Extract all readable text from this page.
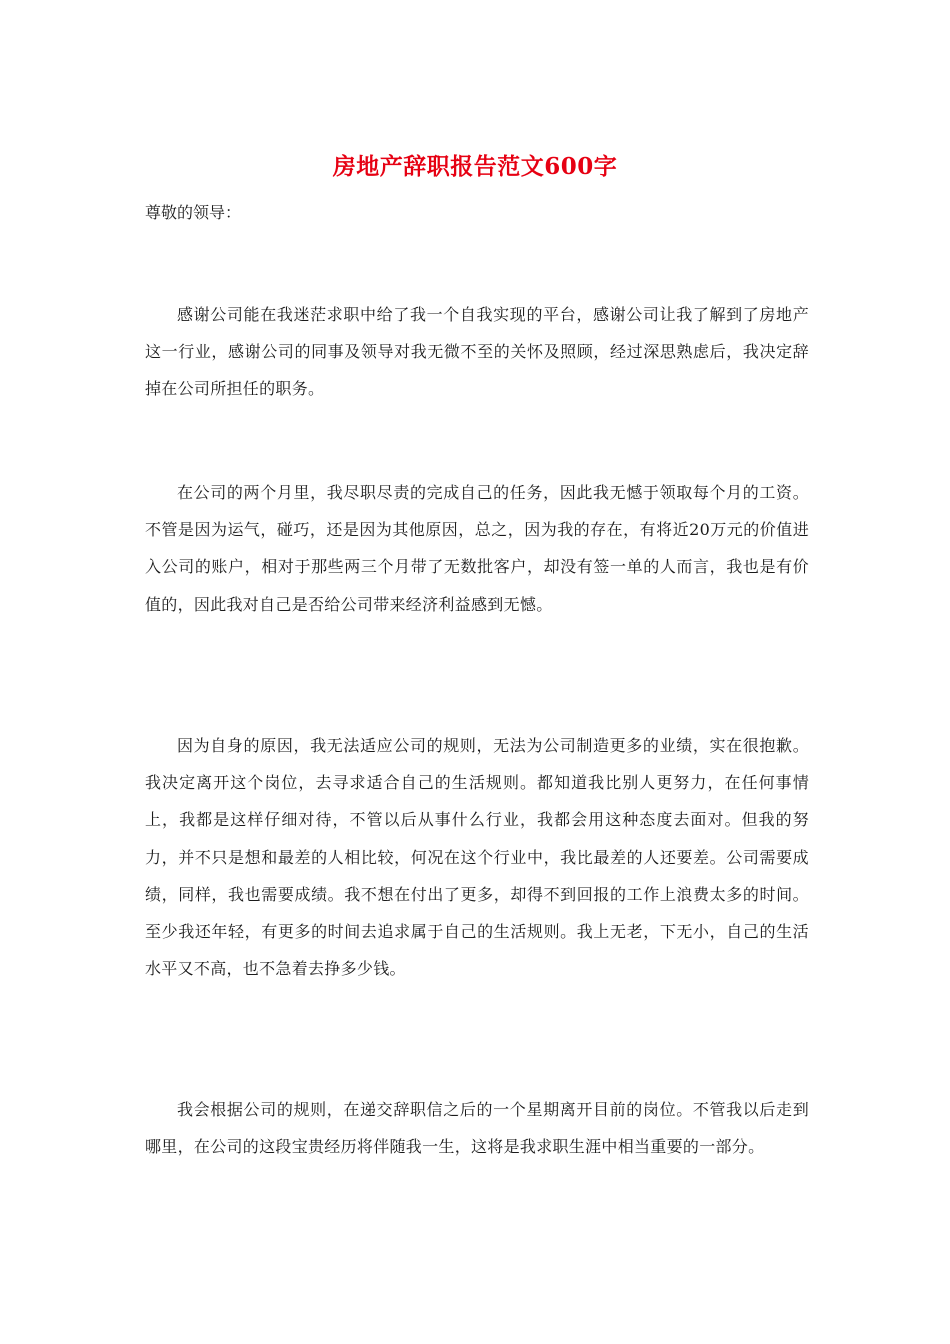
房地产辞职报告范文600字

尊敬的领导：

感谢公司能在我迷茫求职中给了我一个自我实现的平台，感谢公司让我了解到了房地产这一行业，感谢公司的同事及领导对我无微不至的关怀及照顾，经过深思熟虑后，我决定辞掉在公司所担任的职务。

在公司的两个月里，我尽职尽责的完成自己的任务，因此我无憾于领取每个月的工资。不管是因为运气，碰巧，还是因为其他原因，总之，因为我的存在，有将近20万元的价值进入公司的账户，相对于那些两三个月带了无数批客户，却没有签一单的人而言，我也是有价值的，因此我对自己是否给公司带来经济利益感到无憾。

因为自身的原因，我无法适应公司的规则，无法为公司制造更多的业绩，实在很抱歉。我决定离开这个岗位，去寻求适合自己的生活规则。都知道我比别人更努力，在任何事情上，我都是这样仔细对待，不管以后从事什么行业，我都会用这种态度去面对。但我的努力，并不只是想和最差的人相比较，何况在这个行业中，我比最差的人还要差。公司需要成绩，同样，我也需要成绩。我不想在付出了更多，却得不到回报的工作上浪费太多的时间。至少我还年轻，有更多的时间去追求属于自己的生活规则。我上无老，下无小，自己的生活水平又不高，也不急着去挣多少钱。

我会根据公司的规则，在递交辞职信之后的一个星期离开目前的岗位。不管我以后走到哪里，在公司的这段宝贵经历将伴随我一生，这将是我求职生涯中相当重要的一部分。
